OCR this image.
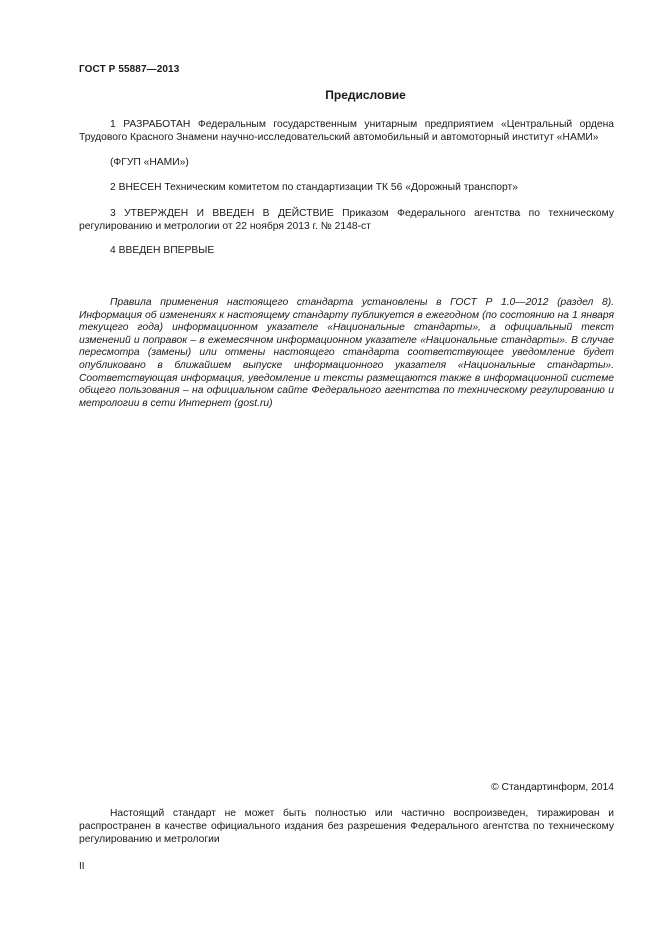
ГОСТ Р 55887—2013
Предисловие
1 РАЗРАБОТАН Федеральным государственным унитарным предприятием «Центральный ордена Трудового Красного Знамени научно-исследовательский автомобильный и автомоторный институт «НАМИ»
(ФГУП «НАМИ»)
2 ВНЕСЕН Техническим комитетом по стандартизации ТК 56 «Дорожный транспорт»
3 УТВЕРЖДЕН И ВВЕДЕН В ДЕЙСТВИЕ Приказом Федерального агентства по техническому регулированию и метрологии от 22 ноября 2013 г. № 2148-ст
4 ВВЕДЕН ВПЕРВЫЕ
Правила применения настоящего стандарта установлены в ГОСТ Р 1.0—2012 (раздел 8). Информация об изменениях к настоящему стандарту публикуется в ежегодном (по состоянию на 1 января текущего года) информационном указателе «Национальные стандарты», а официальный текст изменений и поправок – в ежемесячном информационном указателе «Национальные стандарты». В случае пересмотра (замены) или отмены настоящего стандарта соответствующее уведомление будет опубликовано в ближайшем выпуске информационного указателя «Национальные стандарты». Соответствующая информация, уведомление и тексты размещаются также в информационной системе общего пользования – на официальном сайте Федерального агентства по техническому регулированию и метрологии в сети Интернет (gost.ru)
© Стандартинформ, 2014
Настоящий стандарт не может быть полностью или частично воспроизведен, тиражирован и распространен в качестве официального издания без разрешения Федерального агентства по техническому регулированию и метрологии
II
